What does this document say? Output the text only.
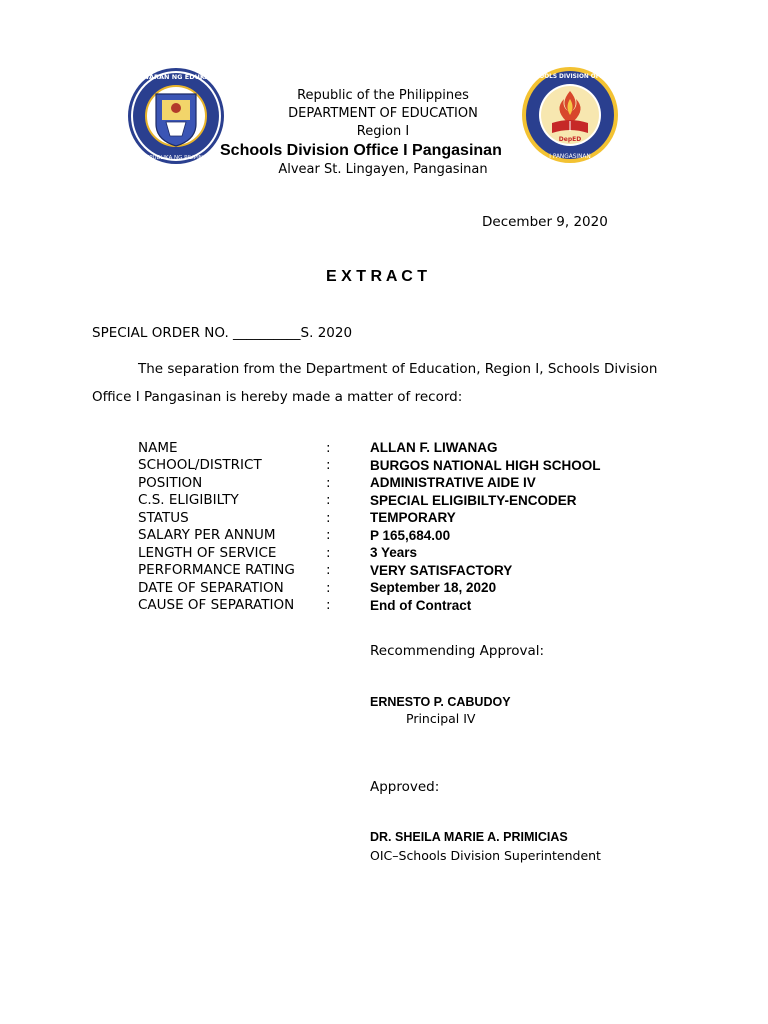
KAGAWARAN NG EDUKASYON
REPUBLIKA NG PILIPINAS
Republic of the Philippines
DEPARTMENT OF EDUCATION
Region I
Schools Division Office I Pangasinan
Alvear St. Lingayen, Pangasinan
DepED
SCHOOLS DIVISION OFFICE
I PANGASINAN
December 9, 2020
E X T R A C T
SPECIAL ORDER NO. __________S. 2020
The separation from the Department of Education, Region I, Schools Division
Office I Pangasinan is hereby made a matter of record:
NAME	:	ALLAN F. LIWANAG
SCHOOL/DISTRICT	:	BURGOS NATIONAL HIGH SCHOOL
POSITION	:	ADMINISTRATIVE AIDE IV
C.S. ELIGIBILTY	:	SPECIAL ELIGIBILTY-ENCODER
STATUS	:	TEMPORARY
SALARY PER ANNUM	:	P 165,684.00
LENGTH OF SERVICE	:	3 Years
PERFORMANCE RATING	:	VERY SATISFACTORY
DATE OF SEPARATION	:	September 18, 2020
CAUSE OF SEPARATION	:	End of Contract
Recommending Approval:
ERNESTO P. CABUDOY
Principal IV
Approved:
DR. SHEILA MARIE A. PRIMICIAS
OIC–Schools Division Superintendent
